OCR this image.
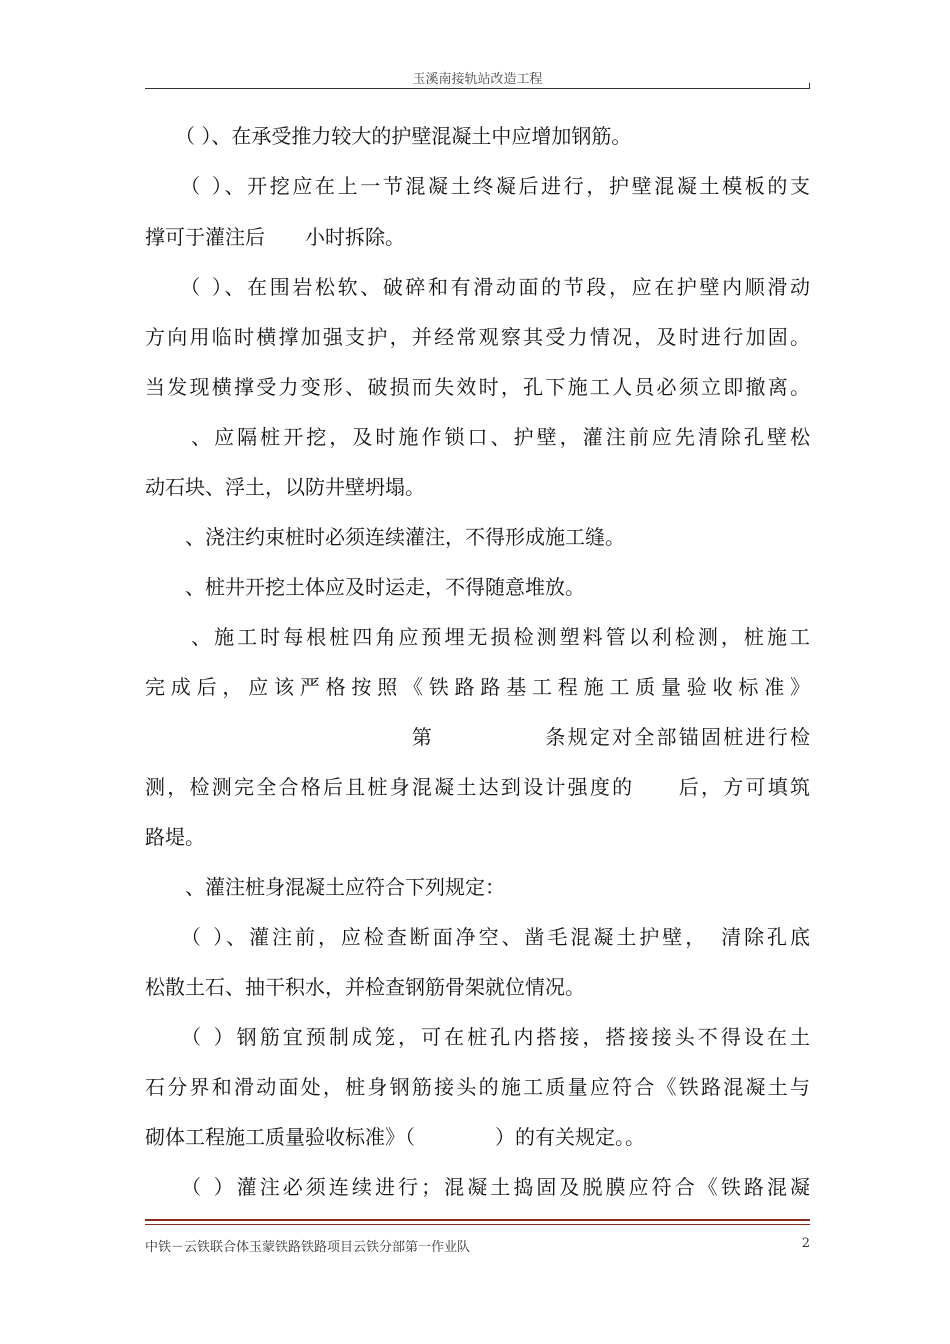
玉溪南接轨站改造工程
　　（ ）、在承受推力较大的护壁混凝土中应增加钢筋。
　　（ ）、开挖应在上一节混凝土终凝后进行，护壁混凝土模板的支
撑可于灌注后　　小时拆除。
　　（ ）、在围岩松软、破碎和有滑动面的节段，应在护壁内顺滑动
方向用临时横撑加强支护，并经常观察其受力情况，及时进行加固。
当发现横撑受力变形、破损而失效时，孔下施工人员必须立即撤离。
　　、应隔桩开挖，及时施作锁口、护壁，灌注前应先清除孔壁松
动石块、浮土，以防井壁坍塌。
　　、浇注约束桩时必须连续灌注，不得形成施工缝。
　　、桩井开挖土体应及时运走，不得随意堆放。
　　、施工时每根桩四角应预埋无损检测塑料管以利检测，桩施工
完成后，应该严格按照《铁路路基工程施工质量验收标准》
　　　　　　　　　　　　第　　　　　条规定对全部锚固桩进行检
测，检测完全合格后且桩身混凝土达到设计强度的　　后，方可填筑
路堤。
　　、灌注桩身混凝土应符合下列规定：
　　（ ）、灌注前，应检查断面净空、凿毛混凝土护壁，　清除孔底
松散土石、抽干积水，并检查钢筋骨架就位情况。
　　（ ）钢筋宜预制成笼，可在桩孔内搭接，搭接接头不得设在土
石分界和滑动面处，桩身钢筋接头的施工质量应符合《铁路混凝土与
砌体工程施工质量验收标准》（　　　　）的有关规定。。
　　（ ）灌注必须连续进行；混凝土捣固及脱膜应符合《铁路混凝
中铁－云铁联合体玉蒙铁路铁路项目云铁分部第一作业队	2
